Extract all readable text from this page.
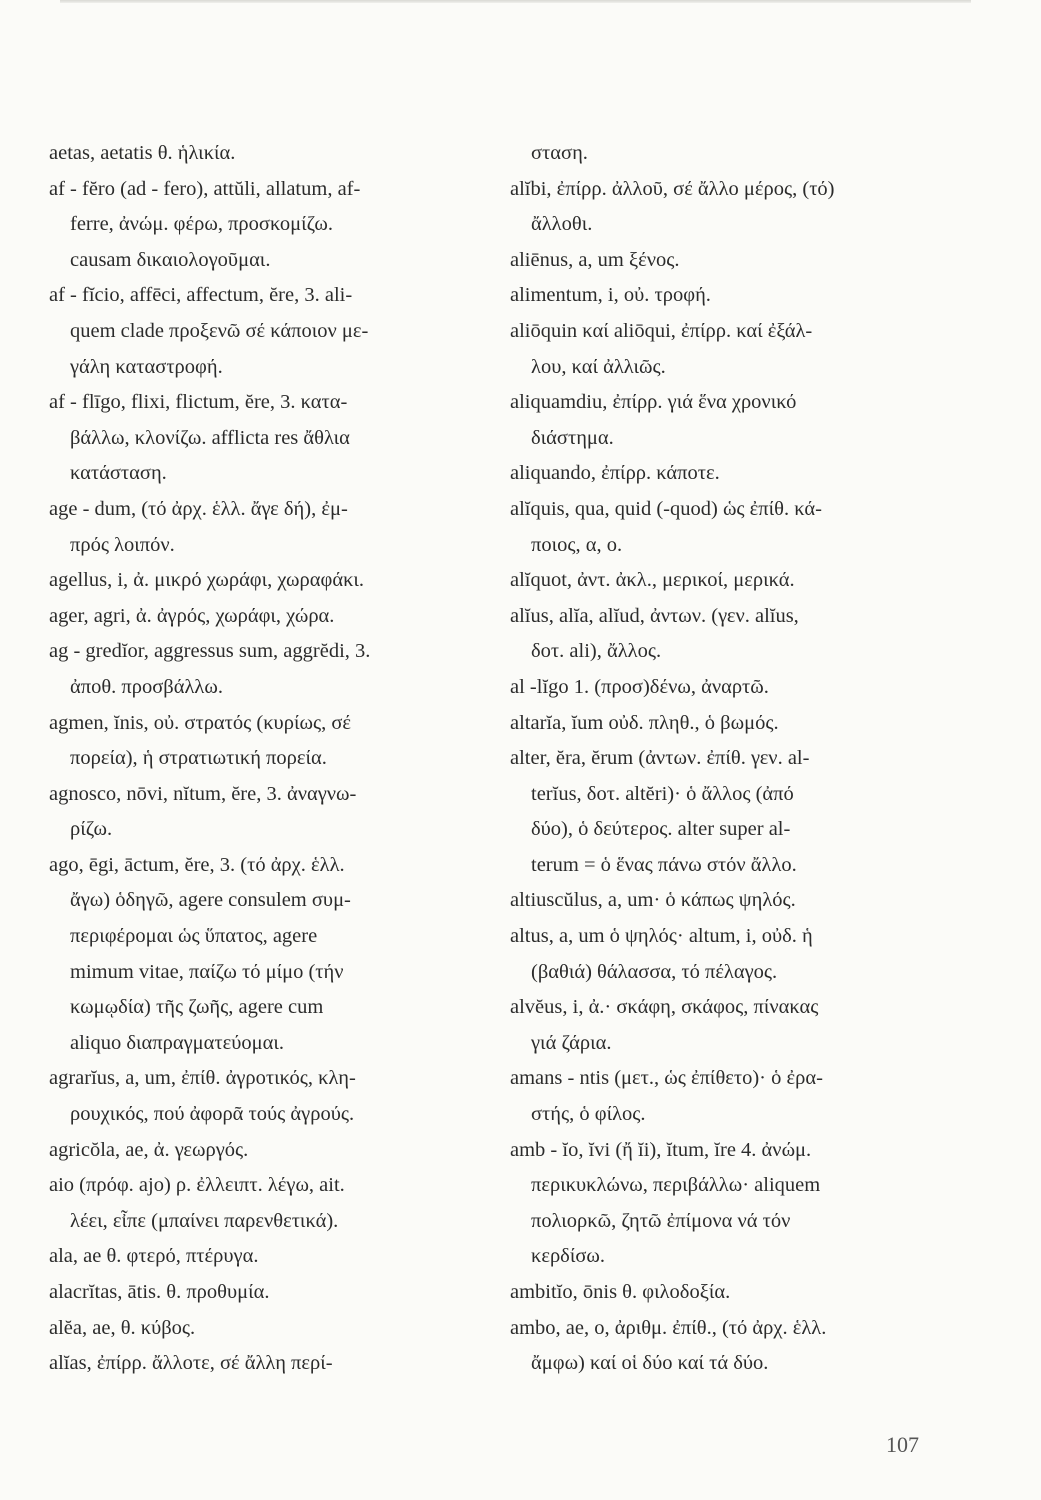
aetas, aetatis θ. ἡλικία.
af - fĕro (ad - fero), attŭli, allatum, af-
ferre, ἀνώμ. φέρω, προσκομίζω.
causam δικαιολογοῦμαι.
af - fĭcio, affēci, affectum, ĕre, 3. ali-
quem clade προξενῶ σέ κάποιον με-
γάλη καταστροφή.
af - flīgo, flixi, flictum, ĕre, 3. κατα-
βάλλω, κλονίζω. afflicta res ἄθλια
κατάσταση.
age - dum, (τό ἀρχ. ἑλλ. ἄγε δή), ἐμ-
πρός λοιπόν.
agellus, i, ἀ. μικρό χωράφι, χωραφάκι.
ager, agri, ἀ. ἀγρός, χωράφι, χώρα.
ag - gredĭor, aggressus sum, aggrĕdi, 3.
ἀποθ. προσβάλλω.
agmen, ĭnis, οὐ. στρατός (κυρίως, σέ
πορεία), ἡ στρατιωτική πορεία.
agnosco, nōvi, nĭtum, ĕre, 3. ἀναγνω-
ρίζω.
ago, ēgi, āctum, ĕre, 3. (τό ἀρχ. ἑλλ.
ἄγω) ὁδηγῶ, agere consulem συμ-
περιφέρομαι ὡς ὕπατος, agere
mimum vitae, παίζω τό μίμο (τήν
κωμῳδία) τῆς ζωῆς, agere cum
aliquo διαπραγματεύομαι.
agrarĭus, a, um, ἐπίθ. ἀγροτικός, κλη-
ρουχικός, πού ἀφορᾶ τούς ἀγρούς.
agricŏla, ae, ἀ. γεωργός.
aio (πρόφ. ajo) ρ. ἐλλειπτ. λέγω, ait.
λέει, εἶπε (μπαίνει παρενθετικά).
ala, ae θ. φτερό, πτέρυγα.
alacrĭtas, ātis. θ. προθυμία.
alĕa, ae, θ. κύβος.
alĭas, ἐπίρρ. ἄλλοτε, σέ ἄλλη περί-
σταση.
alĭbi, ἐπίρρ. ἀλλοῦ, σέ ἄλλο μέρος, (τό)
ἄλλοθι.
aliēnus, a, um ξένος.
alimentum, i, οὐ. τροφή.
aliōquin καί aliōqui, ἐπίρρ. καί ἐξάλ-
λου, καί ἀλλιῶς.
aliquamdiu, ἐπίρρ. γιά ἕνα χρονικό
διάστημα.
aliquando, ἐπίρρ. κάποτε.
alĭquis, qua, quid (-quod) ὡς ἐπίθ. κά-
ποιος, α, ο.
alĭquot, ἀντ. ἀκλ., μερικοί, μερικά.
alĭus, alĭa, alĭud, ἀντων. (γεν. alĭus,
δοτ. ali), ἄλλος.
al -lĭgo 1. (προσ)δένω, ἀναρτῶ.
altarĭa, ĭum οὐδ. πληθ., ὁ βωμός.
alter, ĕra, ĕrum (ἀντων. ἐπίθ. γεν. al-
terĭus, δοτ. altĕri)· ὁ ἄλλος (ἀπό
δύο), ὁ δεύτερος. alter super al-
terum = ὁ ἕνας πάνω στόν ἄλλο.
altiuscŭlus, a, um· ὁ κάπως ψηλός.
altus, a, um ὁ ψηλός· altum, i, οὐδ. ἡ
(βαθιά) θάλασσα, τό πέλαγος.
alvĕus, i, ἀ.· σκάφη, σκάφος, πίνακας
γιά ζάρια.
amans - ntis (μετ., ὡς ἐπίθετο)· ὁ ἐρα-
στής, ὁ φίλος.
amb - ĭo, ĭvi (ἤ ĭi), ĭtum, ĭre 4. ἀνώμ.
περικυκλώνω, περιβάλλω· aliquem
πολιορκῶ, ζητῶ ἐπίμονα νά τόν
κερδίσω.
ambitĭo, ōnis θ. φιλοδοξία.
ambo, ae, o, ἀριθμ. ἐπίθ., (τό ἀρχ. ἑλλ.
ἄμφω) καί οἱ δύο καί τά δύο.
107
